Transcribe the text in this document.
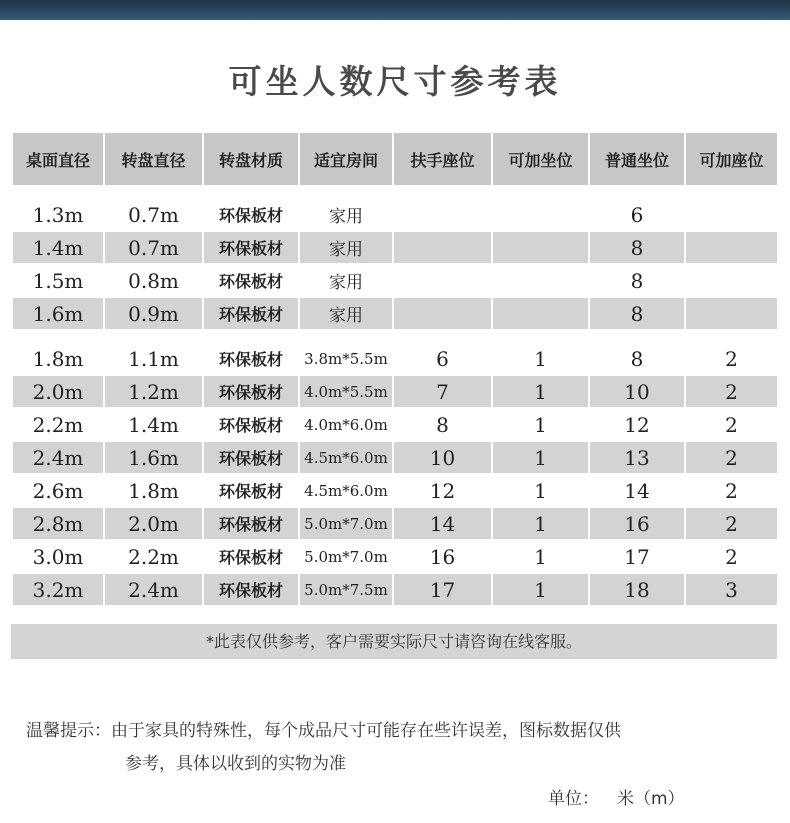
可坐人数尺寸参考表
桌面直径	转盘直径	转盘材质	适宜房间	扶手座位	可加坐位	普通坐位	可加座位

1.3m	0.7m	环保板材	家用			6	
1.4m	0.7m	环保板材	家用			8	
1.5m	0.8m	环保板材	家用			8	
1.6m	0.9m	环保板材	家用			8	

1.8m	1.1m	环保板材	3.8m*5.5m	6	1	8	2
2.0m	1.2m	环保板材	4.0m*5.5m	7	1	10	2
2.2m	1.4m	环保板材	4.0m*6.0m	8	1	12	2
2.4m	1.6m	环保板材	4.5m*6.0m	10	1	13	2
2.6m	1.8m	环保板材	4.5m*6.0m	12	1	14	2
2.8m	2.0m	环保板材	5.0m*7.0m	14	1	16	2
3.0m	2.2m	环保板材	5.0m*7.0m	16	1	17	2
3.2m	2.4m	环保板材	5.0m*7.5m	17	1	18	3
*此表仅供参考，客户需要实际尺寸请咨询在线客服。
温馨提示：由于家具的特殊性，每个成品尺寸可能存在些许误差，图标数据仅供
参考，具体以收到的实物为准
单位： 米（m）
